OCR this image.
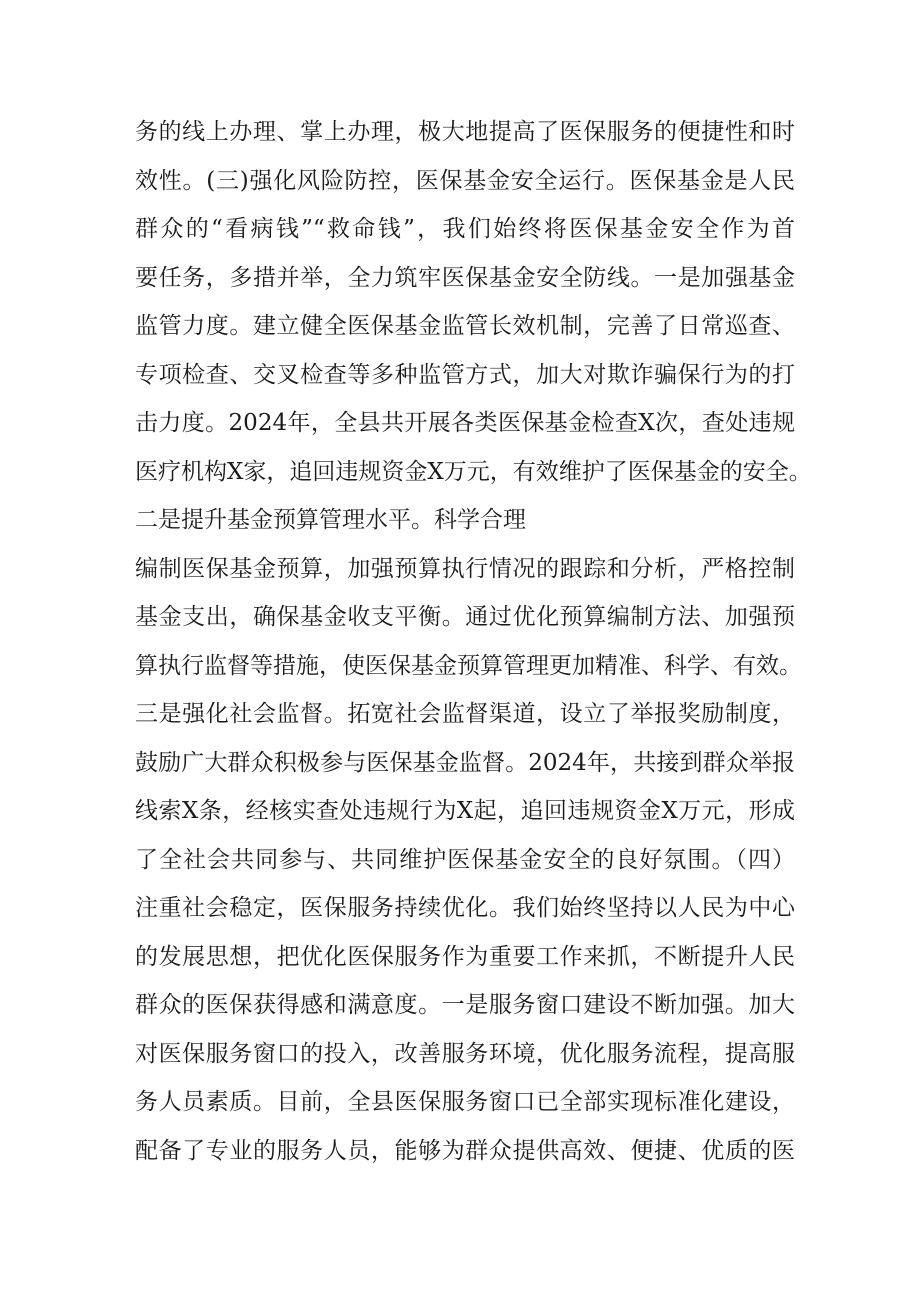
务的线上办理、掌上办理，极大地提高了医保服务的便捷性和时
效性。(三)强化风险防控，医保基金安全运行。医保基金是人民
群众的“看病钱”“救命钱”，我们始终将医保基金安全作为首
要任务，多措并举，全力筑牢医保基金安全防线。一是加强基金
监管力度。建立健全医保基金监管长效机制，完善了日常巡查、
专项检查、交叉检查等多种监管方式，加大对欺诈骗保行为的打
击力度。2024年，全县共开展各类医保基金检查X次，查处违规
医疗机构X家，追回违规资金X万元，有效维护了医保基金的安全。
二是提升基金预算管理水平。科学合理
编制医保基金预算，加强预算执行情况的跟踪和分析，严格控制
基金支出，确保基金收支平衡。通过优化预算编制方法、加强预
算执行监督等措施，使医保基金预算管理更加精准、科学、有效。
三是强化社会监督。拓宽社会监督渠道，设立了举报奖励制度，
鼓励广大群众积极参与医保基金监督。2024年，共接到群众举报
线索X条，经核实查处违规行为X起，追回违规资金X万元，形成
了全社会共同参与、共同维护医保基金安全的良好氛围。（四）
注重社会稳定，医保服务持续优化。我们始终坚持以人民为中心
的发展思想，把优化医保服务作为重要工作来抓，不断提升人民
群众的医保获得感和满意度。一是服务窗口建设不断加强。加大
对医保服务窗口的投入，改善服务环境，优化服务流程，提高服
务人员素质。目前，全县医保服务窗口已全部实现标准化建设，
配备了专业的服务人员，能够为群众提供高效、便捷、优质的医
